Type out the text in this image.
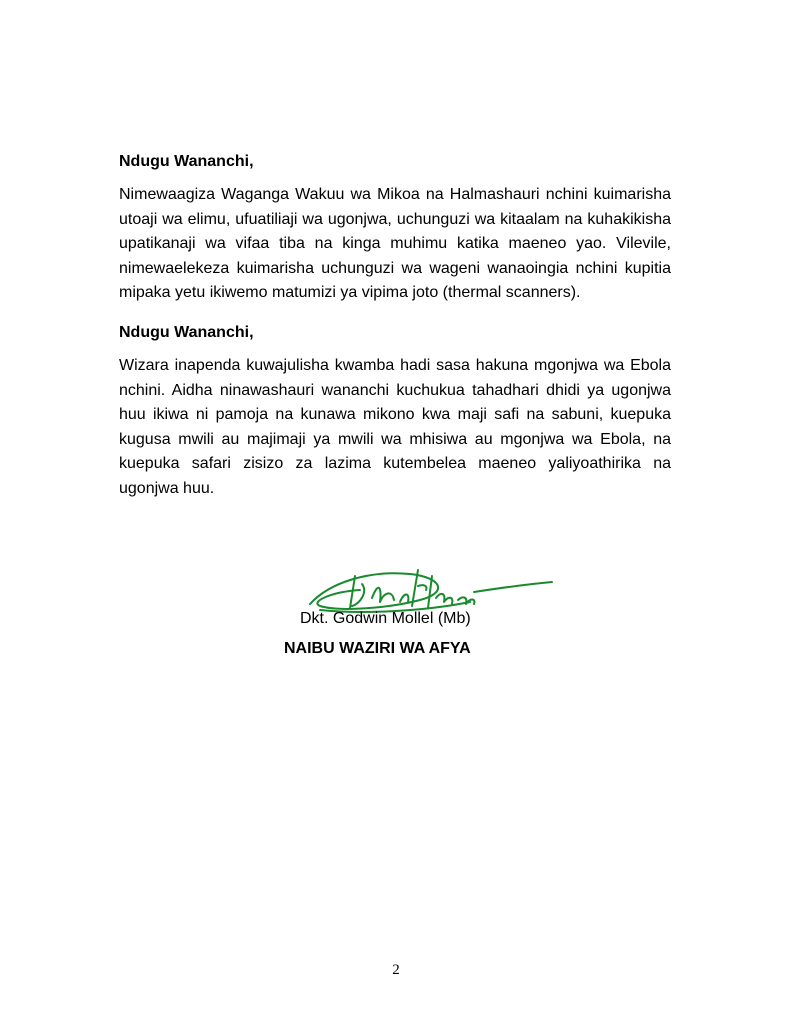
Ndugu Wananchi,

Nimewaagiza Waganga Wakuu wa Mikoa na Halmashauri nchini kuimarisha utoaji wa elimu, ufuatiliaji wa ugonjwa, uchunguzi wa kitaalam na kuhakikisha upatikanaji wa vifaa tiba na kinga muhimu katika maeneo yao. Vilevile, nimewaelekeza kuimarisha uchunguzi wa wageni wanaoingia nchini kupitia mipaka yetu ikiwemo matumizi ya vipima joto (thermal scanners).

Ndugu Wananchi,

Wizara inapenda kuwajulisha kwamba hadi sasa hakuna mgonjwa wa Ebola nchini. Aidha ninawashauri wananchi kuchukua tahadhari dhidi ya ugonjwa huu ikiwa ni pamoja na kunawa mikono kwa maji safi na sabuni, kuepuka kugusa mwili au majimaji ya mwili wa mhisiwa au mgonjwa wa Ebola, na kuepuka safari zisizo za lazima kutembelea maeneo yaliyoathirika na ugonjwa huu.

Dkt. Godwin Mollel (Mb)
NAIBU WAZIRI WA AFYA
2
